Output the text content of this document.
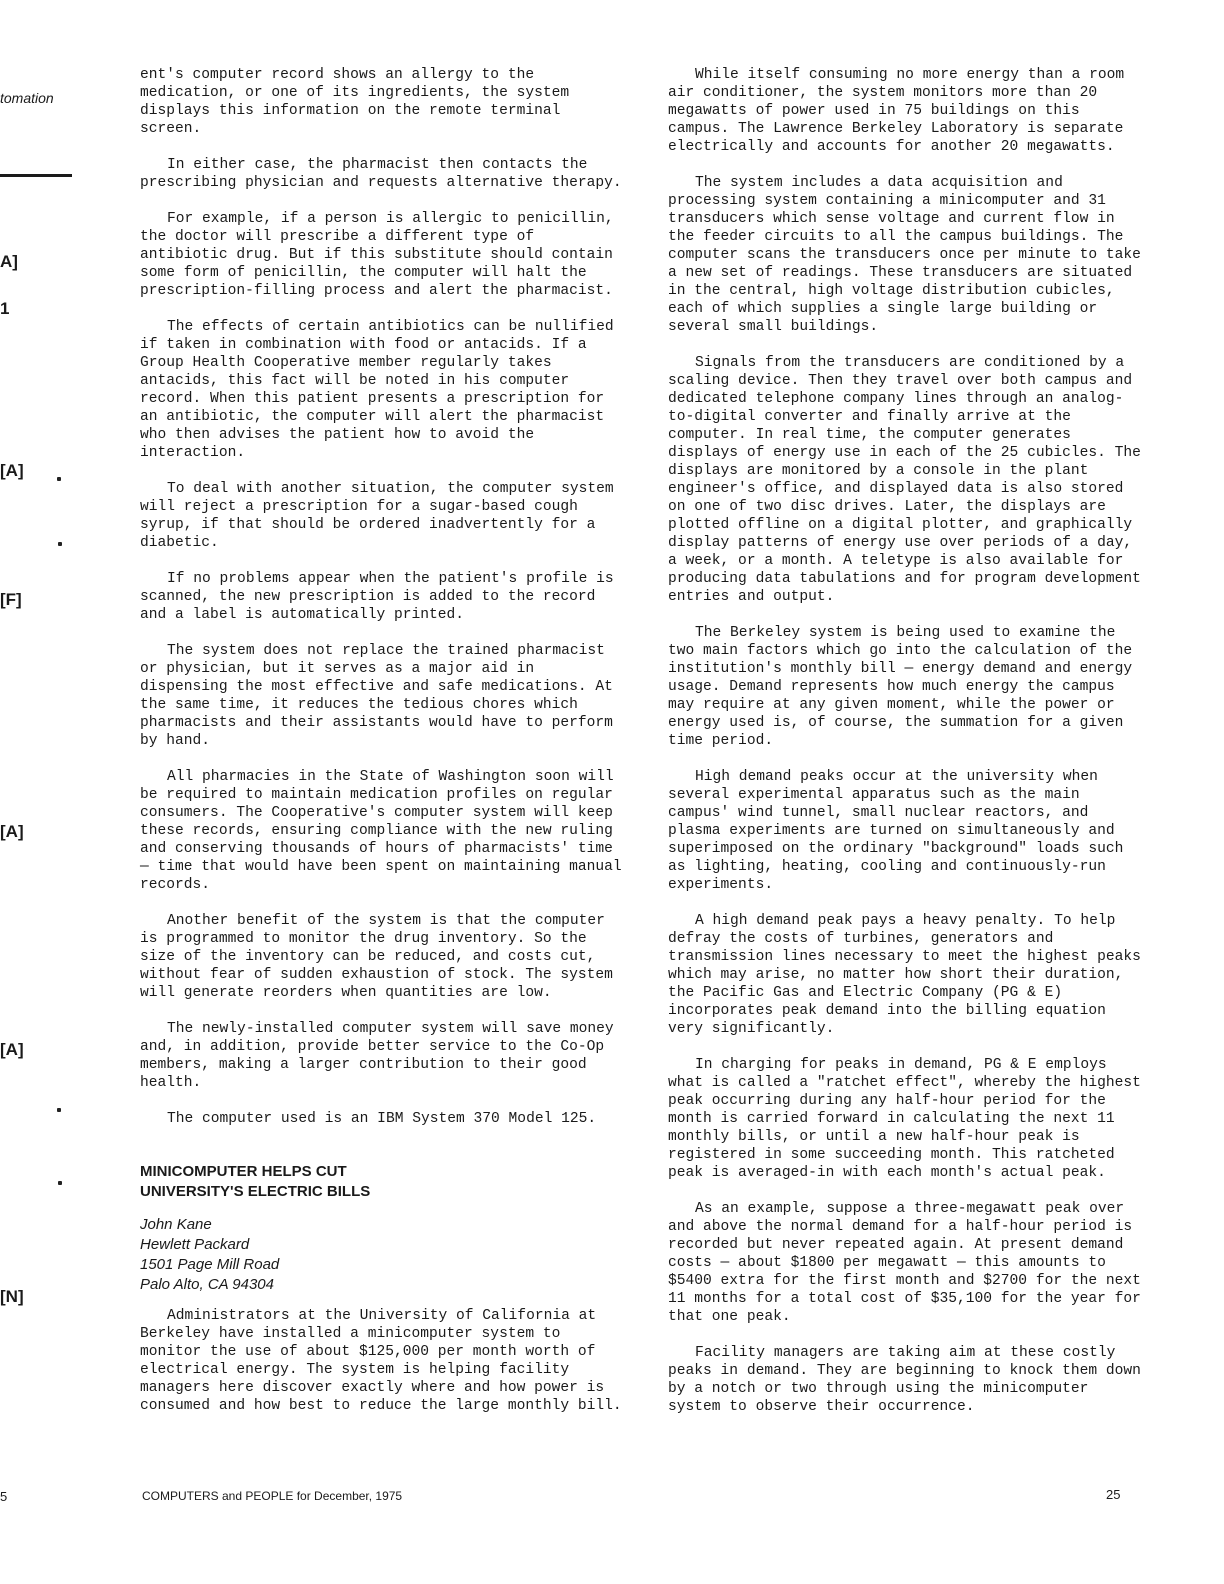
tomation
A]
1
[A]
[F]
[A]
[A]
[N]

ent's computer record shows an allergy to the medication, or one of its ingredients, the system displays this information on the remote terminal screen.

In either case, the pharmacist then contacts the prescribing physician and requests alternative therapy.

For example, if a person is allergic to penicillin, the doctor will prescribe a different type of antibiotic drug. But if this substitute should contain some form of penicillin, the computer will halt the prescription-filling process and alert the pharmacist.

The effects of certain antibiotics can be nullified if taken in combination with food or antacids. If a Group Health Cooperative member regularly takes antacids, this fact will be noted in his computer record. When this patient presents a prescription for an antibiotic, the computer will alert the pharmacist who then advises the patient how to avoid the interaction.

To deal with another situation, the computer system will reject a prescription for a sugar-based cough syrup, if that should be ordered inadvertently for a diabetic.

If no problems appear when the patient's profile is scanned, the new prescription is added to the record and a label is automatically printed.

The system does not replace the trained pharmacist or physician, but it serves as a major aid in dispensing the most effective and safe medications. At the same time, it reduces the tedious chores which pharmacists and their assistants would have to perform by hand.

All pharmacies in the State of Washington soon will be required to maintain medication profiles on regular consumers. The Cooperative's computer system will keep these records, ensuring compliance with the new ruling and conserving thousands of hours of pharmacists' time — time that would have been spent on maintaining manual records.

Another benefit of the system is that the computer is programmed to monitor the drug inventory. So the size of the inventory can be reduced, and costs cut, without fear of sudden exhaustion of stock. The system will generate reorders when quantities are low.

The newly-installed computer system will save money and, in addition, provide better service to the Co-Op members, making a larger contribution to their good health.

The computer used is an IBM System 370 Model 125.

MINICOMPUTER HELPS CUT
UNIVERSITY'S ELECTRIC BILLS
John Kane
Hewlett Packard
1501 Page Mill Road
Palo Alto, CA 94304

Administrators at the University of California at Berkeley have installed a minicomputer system to monitor the use of about $125,000 per month worth of electrical energy. The system is helping facility managers here discover exactly where and how power is consumed and how best to reduce the large monthly bill.

While itself consuming no more energy than a room air conditioner, the system monitors more than 20 megawatts of power used in 75 buildings on this campus. The Lawrence Berkeley Laboratory is separate electrically and accounts for another 20 megawatts.

The system includes a data acquisition and processing system containing a minicomputer and 31 transducers which sense voltage and current flow in the feeder circuits to all the campus buildings. The computer scans the transducers once per minute to take a new set of readings. These transducers are situated in the central, high voltage distribution cubicles, each of which supplies a single large building or several small buildings.

Signals from the transducers are conditioned by a scaling device. Then they travel over both campus and dedicated telephone company lines through an analog-to-digital converter and finally arrive at the computer. In real time, the computer generates displays of energy use in each of the 25 cubicles. The displays are monitored by a console in the plant engineer's office, and displayed data is also stored on one of two disc drives. Later, the displays are plotted offline on a digital plotter, and graphically display patterns of energy use over periods of a day, a week, or a month. A teletype is also available for producing data tabulations and for program development entries and output.

The Berkeley system is being used to examine the two main factors which go into the calculation of the institution's monthly bill — energy demand and energy usage. Demand represents how much energy the campus may require at any given moment, while the power or energy used is, of course, the summation for a given time period.

High demand peaks occur at the university when several experimental apparatus such as the main campus' wind tunnel, small nuclear reactors, and plasma experiments are turned on simultaneously and superimposed on the ordinary "background" loads such as lighting, heating, cooling and continuously-run experiments.

A high demand peak pays a heavy penalty. To help defray the costs of turbines, generators and transmission lines necessary to meet the highest peaks which may arise, no matter how short their duration, the Pacific Gas and Electric Company (PG & E) incorporates peak demand into the billing equation very significantly.

In charging for peaks in demand, PG & E employs what is called a "ratchet effect", whereby the highest peak occurring during any half-hour period for the month is carried forward in calculating the next 11 monthly bills, or until a new half-hour peak is registered in some succeeding month. This ratcheted peak is averaged-in with each month's actual peak.

As an example, suppose a three-megawatt peak over and above the normal demand for a half-hour period is recorded but never repeated again. At present demand costs — about $1800 per megawatt — this amounts to $5400 extra for the first month and $2700 for the next 11 months for a total cost of $35,100 for the year for that one peak.

Facility managers are taking aim at these costly peaks in demand. They are beginning to knock them down by a notch or two through using the minicomputer system to observe their occurrence.

5	COMPUTERS and PEOPLE for December, 1975	25
